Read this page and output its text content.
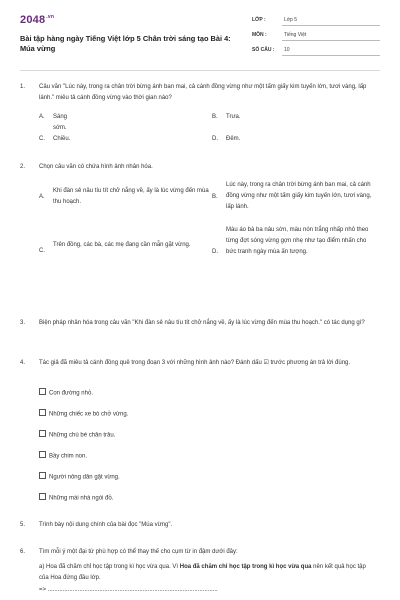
$2048^{.vn}$
Bài tập hàng ngày Tiếng Việt lớp 5 Chân trời sáng tạo Bài 4: Múa vừng
LỚP :	Lớp 5
MÔN :	Tiếng Việt
SỐ CÂU : 10
1. Câu văn "Lúc này, trong ra chân trời bừng ánh ban mai, cả cánh đồng vừng như một tấm giấy kim tuyến lớn, tươi vàng, lấp lánh." miêu tả cánh đồng vừng vào thời gian nào?
A. Sáng sớm.
B. Trưa.
C. Chiều.	D. Đêm.
2. Chọn câu văn có chứa hình ảnh nhân hóa.
A.
Khi đàn sẻ nâu tíu tít chở nắng về, ấy là lúc vừng đến mùa thu hoạch.
B.
Lúc này, trong ra chân trời bừng ánh ban mai, cả cánh đồng vừng như một tấm giấy kim tuyến lớn, tươi vàng, lấp lánh.
C.
Trên đồng, các bà, các mẹ đang cần mẫn gặt vừng.
D.
Màu áo bà ba nâu sờn, màu nón trắng nhấp nhô theo từng đợt sóng vừng gợn nhẹ như tạo điểm nhấn cho bức tranh ngày mùa ấn tượng.
3. Biện pháp nhân hóa trong câu văn "Khi đàn sẻ nâu tíu tít chở nắng về, ấy là lúc vừng đến mùa thu hoạch." có tác dụng gì?
4. Tác giả đã miêu tả cánh đồng quê trong đoạn 3 với những hình ảnh nào? Đánh dấu ☑ trước phương án trả lời đúng.
Con đường nhỏ.
Những chiếc xe bò chở vừng.
Những chú bé chăn trâu.
Bầy chim non.
Người nông dân gặt vừng.
Những mái nhà ngói đỏ.
5. Trình bày nội dung chính của bài đọc "Múa vừng".
6. Tìm mỗi ý một đại từ phù hợp có thể thay thế cho cụm từ in đậm dưới đây:
a) Hoa đã chăm chỉ học tập trong kì học vừa qua. Vì Hoa đã chăm chỉ học tập trong kì học vừa qua nên kết quả học tập của Hoa đứng đầu lớp.
=> ......................................................................................................
